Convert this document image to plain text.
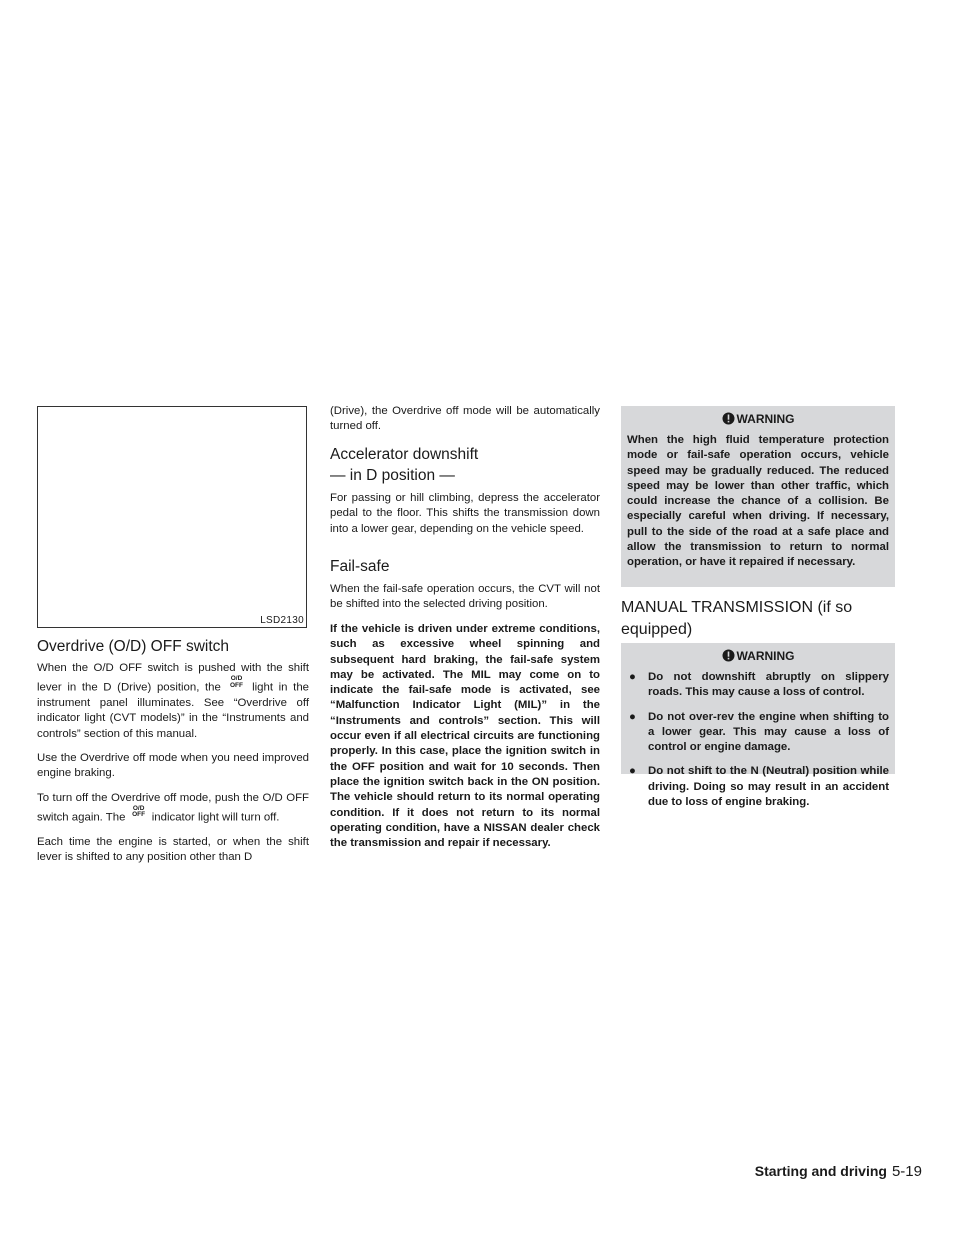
LSD2130
Overdrive (O/D) OFF switch

When the O/D OFF switch is pushed with the shift lever in the D (Drive) position, the O/D
OFF light in the instrument panel illuminates. See “Overdrive off indicator light (CVT models)” in the “Instruments and controls” section of this manual.

Use the Overdrive off mode when you need improved engine braking.

To turn off the Overdrive off mode, push the O/D OFF switch again. The O/D
OFF indicator light will turn off.

Each time the engine is started, or when the shift lever is shifted to any position other than D

(Drive), the Overdrive off mode will be automatically turned off.

Accelerator downshift
— in D position —

For passing or hill climbing, depress the accelerator pedal to the floor. This shifts the transmission down into a lower gear, depending on the vehicle speed.

Fail-safe

When the fail-safe operation occurs, the CVT will not be shifted into the selected driving position.

If the vehicle is driven under extreme conditions, such as excessive wheel spinning and subsequent hard braking, the fail-safe system may be activated. The MIL may come on to indicate the fail-safe mode is activated, see “Malfunction Indicator Light (MIL)” in the “Instruments and controls” section. This will occur even if all electrical circuits are functioning properly. In this case, place the ignition switch in the OFF position and wait for 10 seconds. Then place the ignition switch back in the ON position. The vehicle should return to its normal operating condition. If it does not return to its normal operating condition, have a NISSAN dealer check the transmission and repair if necessary.

WARNING
When the high fluid temperature protection mode or fail-safe operation occurs, vehicle speed may be gradually reduced. The reduced speed may be lower than other traffic, which could increase the chance of a collision. Be especially careful when driving. If necessary, pull to the side of the road at a safe place and allow the transmission to return to normal operation, or have it repaired if necessary.
MANUAL TRANSMISSION (if so
equipped)
WARNING
● Do not downshift abruptly on slippery roads. This may cause a loss of control.
● Do not over-rev the engine when shifting to a lower gear. This may cause a loss of control or engine damage.
● Do not shift to the N (Neutral) position while driving. Doing so may result in an accident due to loss of engine braking.
Starting and driving 5-19
